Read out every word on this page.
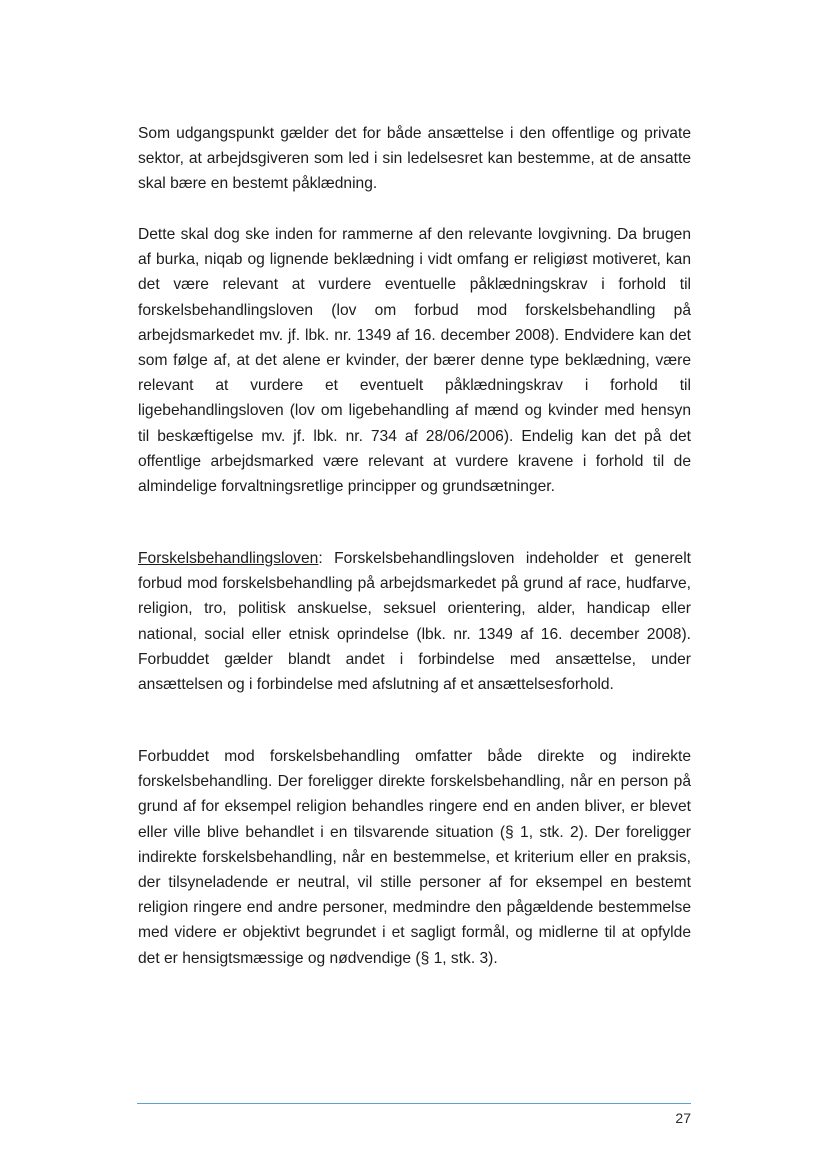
Som udgangspunkt gælder det for både ansættelse i den offentlige og private sektor, at arbejdsgiveren som led i sin ledelsesret kan bestemme, at de ansatte skal bære en bestemt påklædning.

Dette skal dog ske inden for rammerne af den relevante lovgivning. Da brugen af burka, niqab og lignende beklædning i vidt omfang er religiøst motiveret, kan det være relevant at vurdere eventuelle påklædningskrav i forhold til forskelsbehandlingsloven (lov om forbud mod forskelsbehandling på arbejdsmarkedet mv. jf. lbk. nr. 1349 af 16. december 2008). Endvidere kan det som følge af, at det alene er kvinder, der bærer denne type beklædning, være relevant at vurdere et eventuelt påklædningskrav i forhold til ligebehandlingsloven (lov om ligebehandling af mænd og kvinder med hensyn til beskæftigelse mv. jf. lbk. nr. 734 af 28/06/2006). Endelig kan det på det offentlige arbejdsmarked være relevant at vurdere kravene i forhold til de almindelige forvaltningsretlige principper og grundsætninger.

Forskelsbehandlingsloven: Forskelsbehandlingsloven indeholder et generelt forbud mod forskelsbehandling på arbejdsmarkedet på grund af race, hudfarve, religion, tro, politisk anskuelse, seksuel orientering, alder, handicap eller national, social eller etnisk oprindelse (lbk. nr. 1349 af 16. december 2008). Forbuddet gælder blandt andet i forbindelse med ansættelse, under ansættelsen og i forbindelse med afslutning af et ansættelsesforhold.

Forbuddet mod forskelsbehandling omfatter både direkte og indirekte forskelsbehandling. Der foreligger direkte forskelsbehandling, når en person på grund af for eksempel religion behandles ringere end en anden bliver, er blevet eller ville blive behandlet i en tilsvarende situation (§ 1, stk. 2). Der foreligger indirekte forskelsbehandling, når en bestemmelse, et kriterium eller en praksis, der tilsyneladende er neutral, vil stille personer af for eksempel en bestemt religion ringere end andre personer, medmindre den pågældende bestemmelse med videre er objektivt begrundet i et sagligt formål, og midlerne til at opfylde det er hensigtsmæssige og nødvendige (§ 1, stk. 3).

27
